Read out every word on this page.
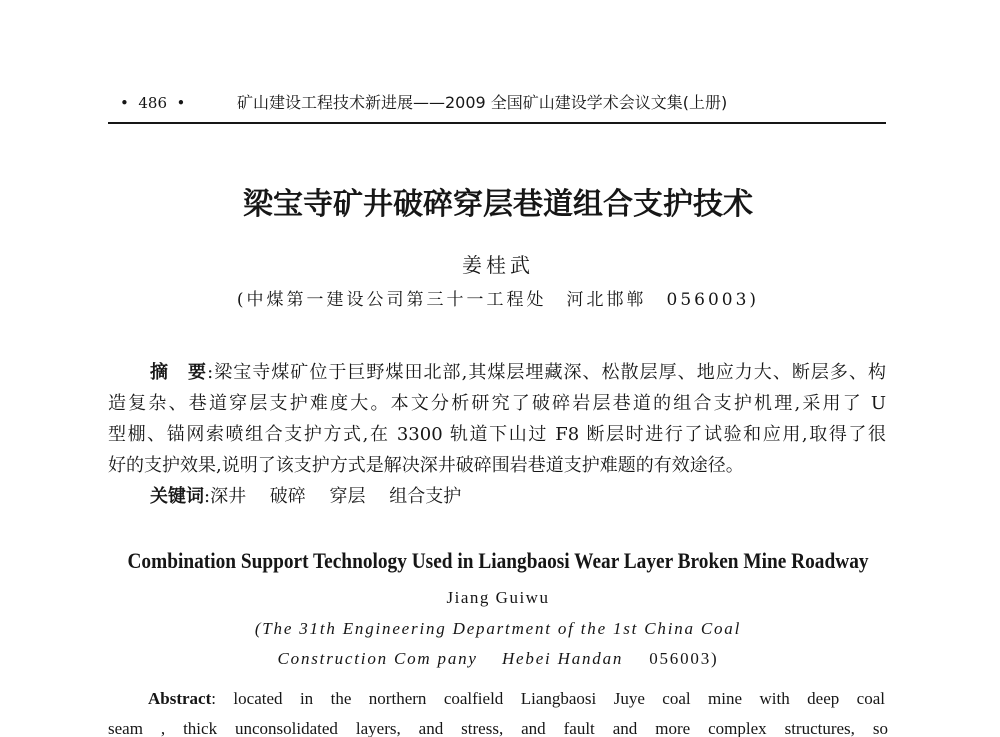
•  486  •	矿山建设工程技术新进展——2009 全国矿山建设学术会议文集(上册)
梁宝寺矿井破碎穿层巷道组合支护技术
姜桂武
(中煤第一建设公司第三十一工程处　河北邯郸　056003)
摘　要:梁宝寺煤矿位于巨野煤田北部,其煤层埋藏深、松散层厚、地应力大、断层多、构
造复杂、巷道穿层支护难度大。本文分析研究了破碎岩层巷道的组合支护机理,采用了 U
型棚、锚网索喷组合支护方式,在 3300 轨道下山过 F8 断层时进行了试验和应用,取得了很
好的支护效果,说明了该支护方式是解决深井破碎围岩巷道支护难题的有效途径。
关键词:深井　 破碎　 穿层　 组合支护
Combination Support Technology Used in Liangbaosi Wear Layer Broken Mine Roadway
Jiang Guiwu
(The 31th Engineering Department of the 1st China Coal
Construction Com pany    Hebei Handan 056003)
Abstract: located in the northern coalfield Liangbaosi Juye coal mine with deep coal
seam , thick unconsolidated layers, and stress, and fault and more complex structures, so
